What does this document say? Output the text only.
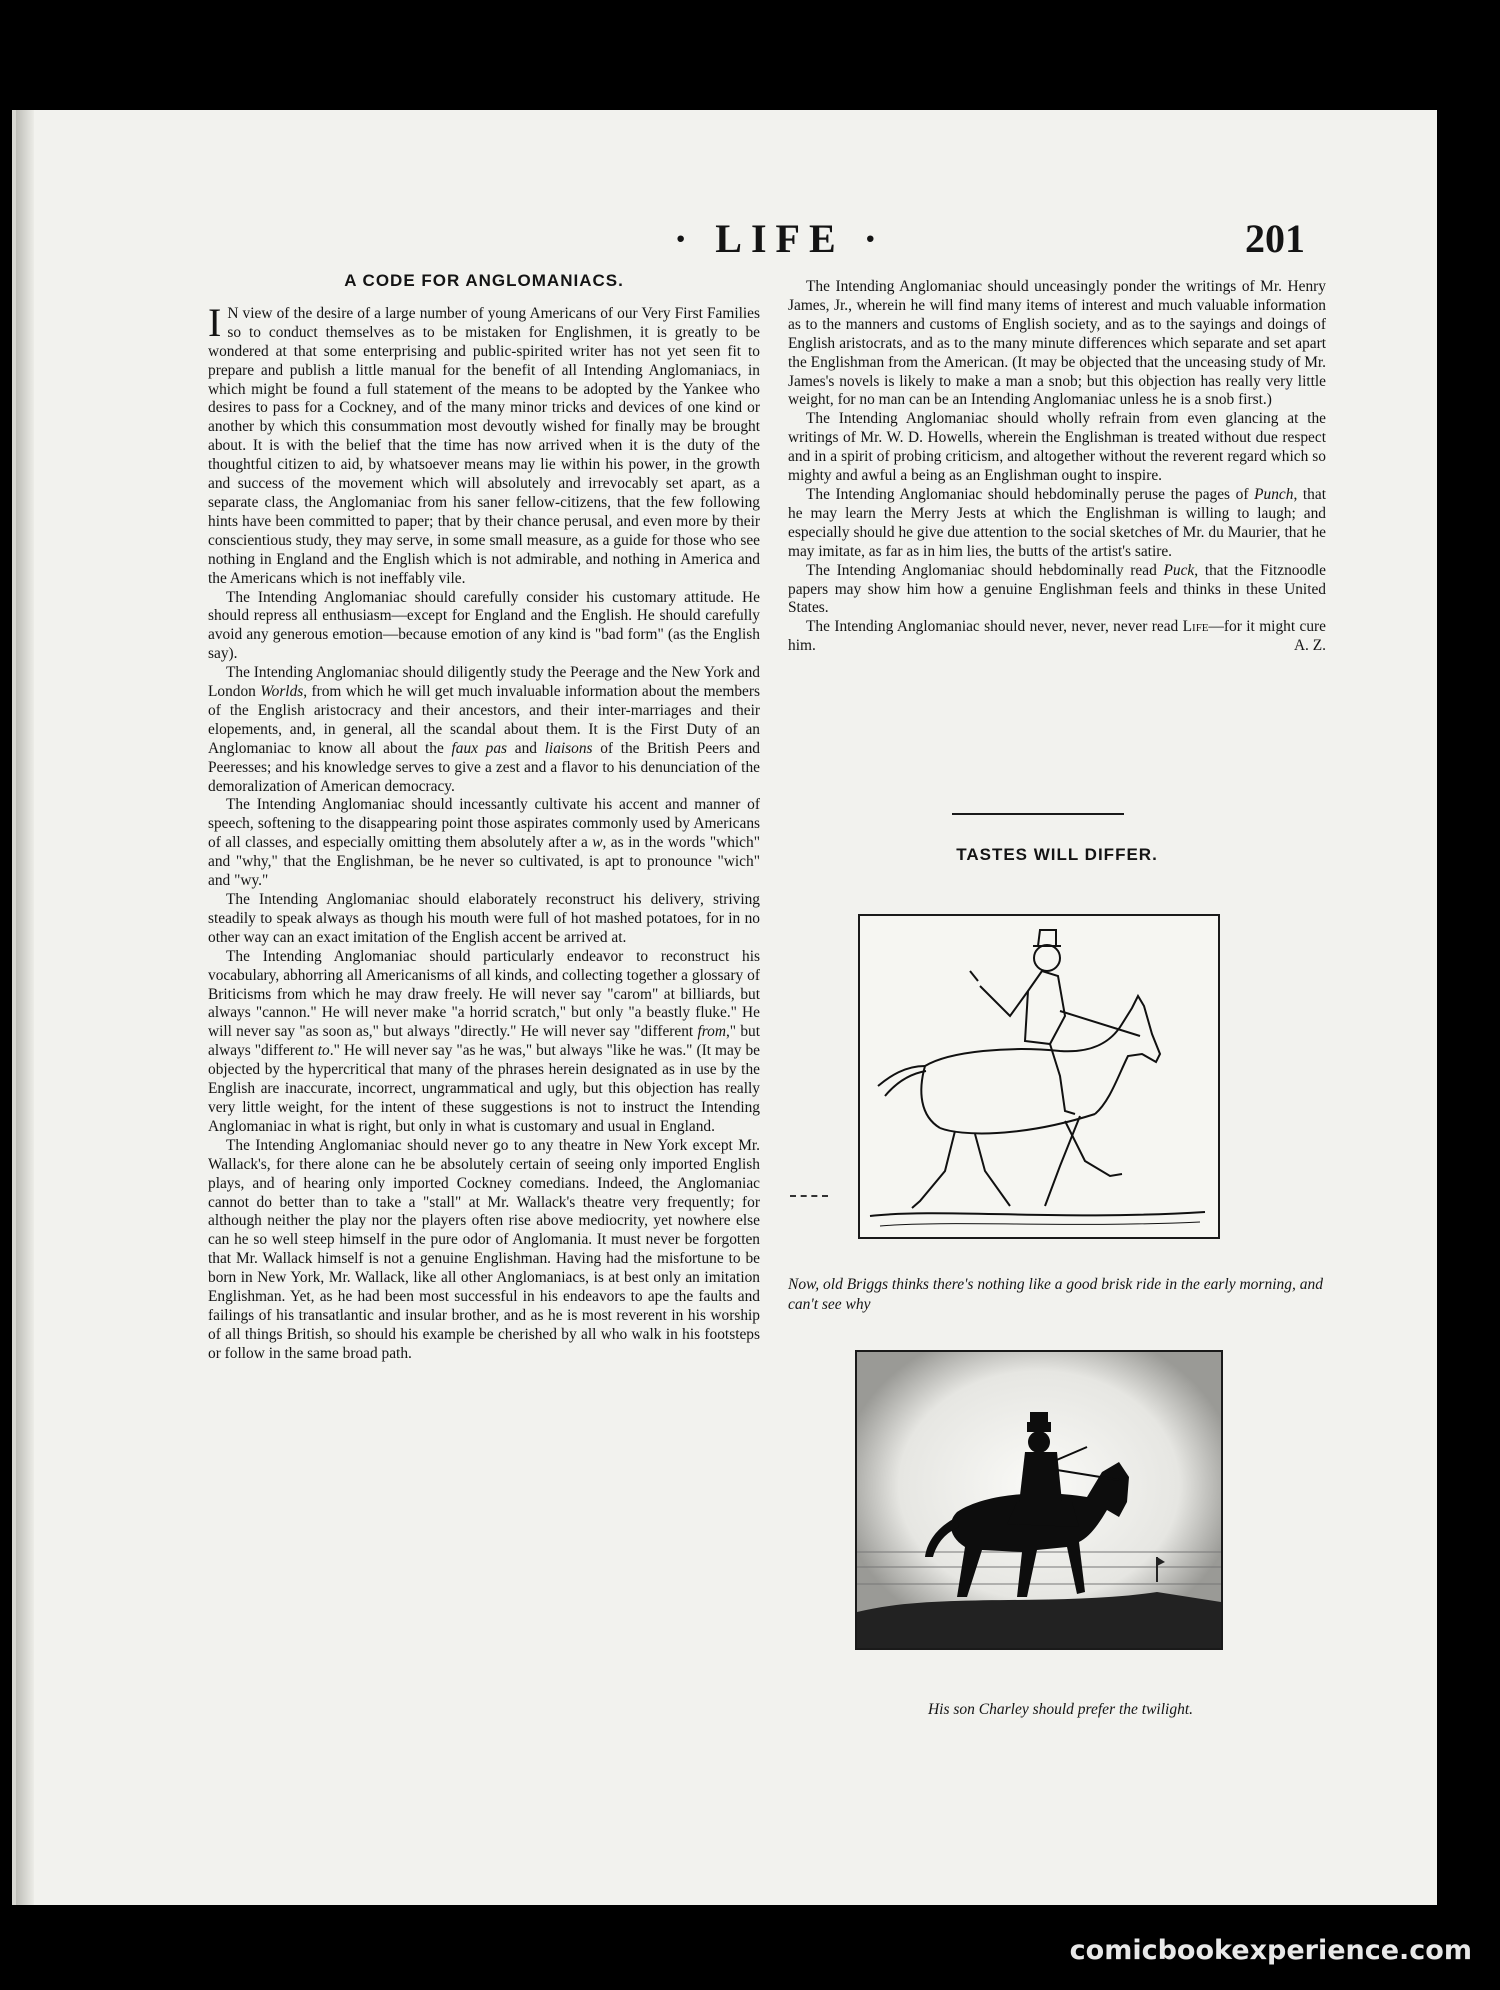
· LIFE ·	201
A CODE FOR ANGLOMANIACS.

I N view of the desire of a large number of young Americans of our Very First Families so to conduct themselves as to be mistaken for Englishmen, it is greatly to be wondered at that some enterprising and public-spirited writer has not yet seen fit to prepare and publish a little manual for the benefit of all Intending Anglomaniacs, in which might be found a full statement of the means to be adopted by the Yankee who desires to pass for a Cockney, and of the many minor tricks and devices of one kind or another by which this consummation most devoutly wished for finally may be brought about. It is with the belief that the time has now arrived when it is the duty of the thoughtful citizen to aid, by whatsoever means may lie within his power, in the growth and success of the movement which will absolutely and irrevocably set apart, as a separate class, the Anglomaniac from his saner fellow-citizens, that the few following hints have been committed to paper; that by their chance perusal, and even more by their conscientious study, they may serve, in some small measure, as a guide for those who see nothing in England and the English which is not admirable, and nothing in America and the Americans which is not ineffably vile.

The Intending Anglomaniac should carefully consider his customary attitude. He should repress all enthusiasm—except for England and the English. He should carefully avoid any generous emotion—because emotion of any kind is "bad form" (as the English say).

The Intending Anglomaniac should diligently study the Peerage and the New York and London Worlds, from which he will get much invaluable information about the members of the English aristocracy and their ancestors, and their inter-marriages and their elopements, and, in general, all the scandal about them. It is the First Duty of an Anglomaniac to know all about the faux pas and liaisons of the British Peers and Peeresses; and his knowledge serves to give a zest and a flavor to his denunciation of the demoralization of American democracy.

The Intending Anglomaniac should incessantly cultivate his accent and manner of speech, softening to the disappearing point those aspirates commonly used by Americans of all classes, and especially omitting them absolutely after a w, as in the words "which" and "why," that the Englishman, be he never so cultivated, is apt to pronounce "wich" and "wy."

The Intending Anglomaniac should elaborately reconstruct his delivery, striving steadily to speak always as though his mouth were full of hot mashed potatoes, for in no other way can an exact imitation of the English accent be arrived at.

The Intending Anglomaniac should particularly endeavor to reconstruct his vocabulary, abhorring all Americanisms of all kinds, and collecting together a glossary of Briticisms from which he may draw freely. He will never say "carom" at billiards, but always "cannon." He will never make "a horrid scratch," but only "a beastly fluke." He will never say "as soon as," but always "directly." He will never say "different from," but always "different to." He will never say "as he was," but always "like he was." (It may be objected by the hypercritical that many of the phrases herein designated as in use by the English are inaccurate, incorrect, ungrammatical and ugly, but this objection has really very little weight, for the intent of these suggestions is not to instruct the Intending Anglomaniac in what is right, but only in what is customary and usual in England.

The Intending Anglomaniac should never go to any theatre in New York except Mr. Wallack's, for there alone can he be absolutely certain of seeing only imported English plays, and of hearing only imported Cockney comedians. Indeed, the Anglomaniac cannot do better than to take a "stall" at Mr. Wallack's theatre very frequently; for although neither the play nor the players often rise above mediocrity, yet nowhere else can he so well steep himself in the pure odor of Anglomania. It must never be forgotten that Mr. Wallack himself is not a genuine Englishman. Having had the misfortune to be born in New York, Mr. Wallack, like all other Anglomaniacs, is at best only an imitation Englishman. Yet, as he had been most successful in his endeavors to ape the faults and failings of his transatlantic and insular brother, and as he is most reverent in his worship of all things British, so should his example be cherished by all who walk in his footsteps or follow in the same broad path.

The Intending Anglomaniac should unceasingly ponder the writings of Mr. Henry James, Jr., wherein he will find many items of interest and much valuable information as to the manners and customs of English society, and as to the sayings and doings of English aristocrats, and as to the many minute differences which separate and set apart the Englishman from the American. (It may be objected that the unceasing study of Mr. James's novels is likely to make a man a snob; but this objection has really very little weight, for no man can be an Intending Anglomaniac unless he is a snob first.)

The Intending Anglomaniac should wholly refrain from even glancing at the writings of Mr. W. D. Howells, wherein the Englishman is treated without due respect and in a spirit of probing criticism, and altogether without the reverent regard which so mighty and awful a being as an Englishman ought to inspire.

The Intending Anglomaniac should hebdominally peruse the pages of Punch, that he may learn the Merry Jests at which the Englishman is willing to laugh; and especially should he give due attention to the social sketches of Mr. du Maurier, that he may imitate, as far as in him lies, the butts of the artist's satire.

The Intending Anglomaniac should hebdominally read Puck, that the Fitznoodle papers may show him how a genuine Englishman feels and thinks in these United States.

The Intending Anglomaniac should never, never, never read Life—for it might cure him.	A. Z.
TASTES WILL DIFFER.
Now, old Briggs thinks there's nothing like a good brisk ride in the early morning, and can't see why
His son Charley should prefer the twilight.
comicbookexperience.com
